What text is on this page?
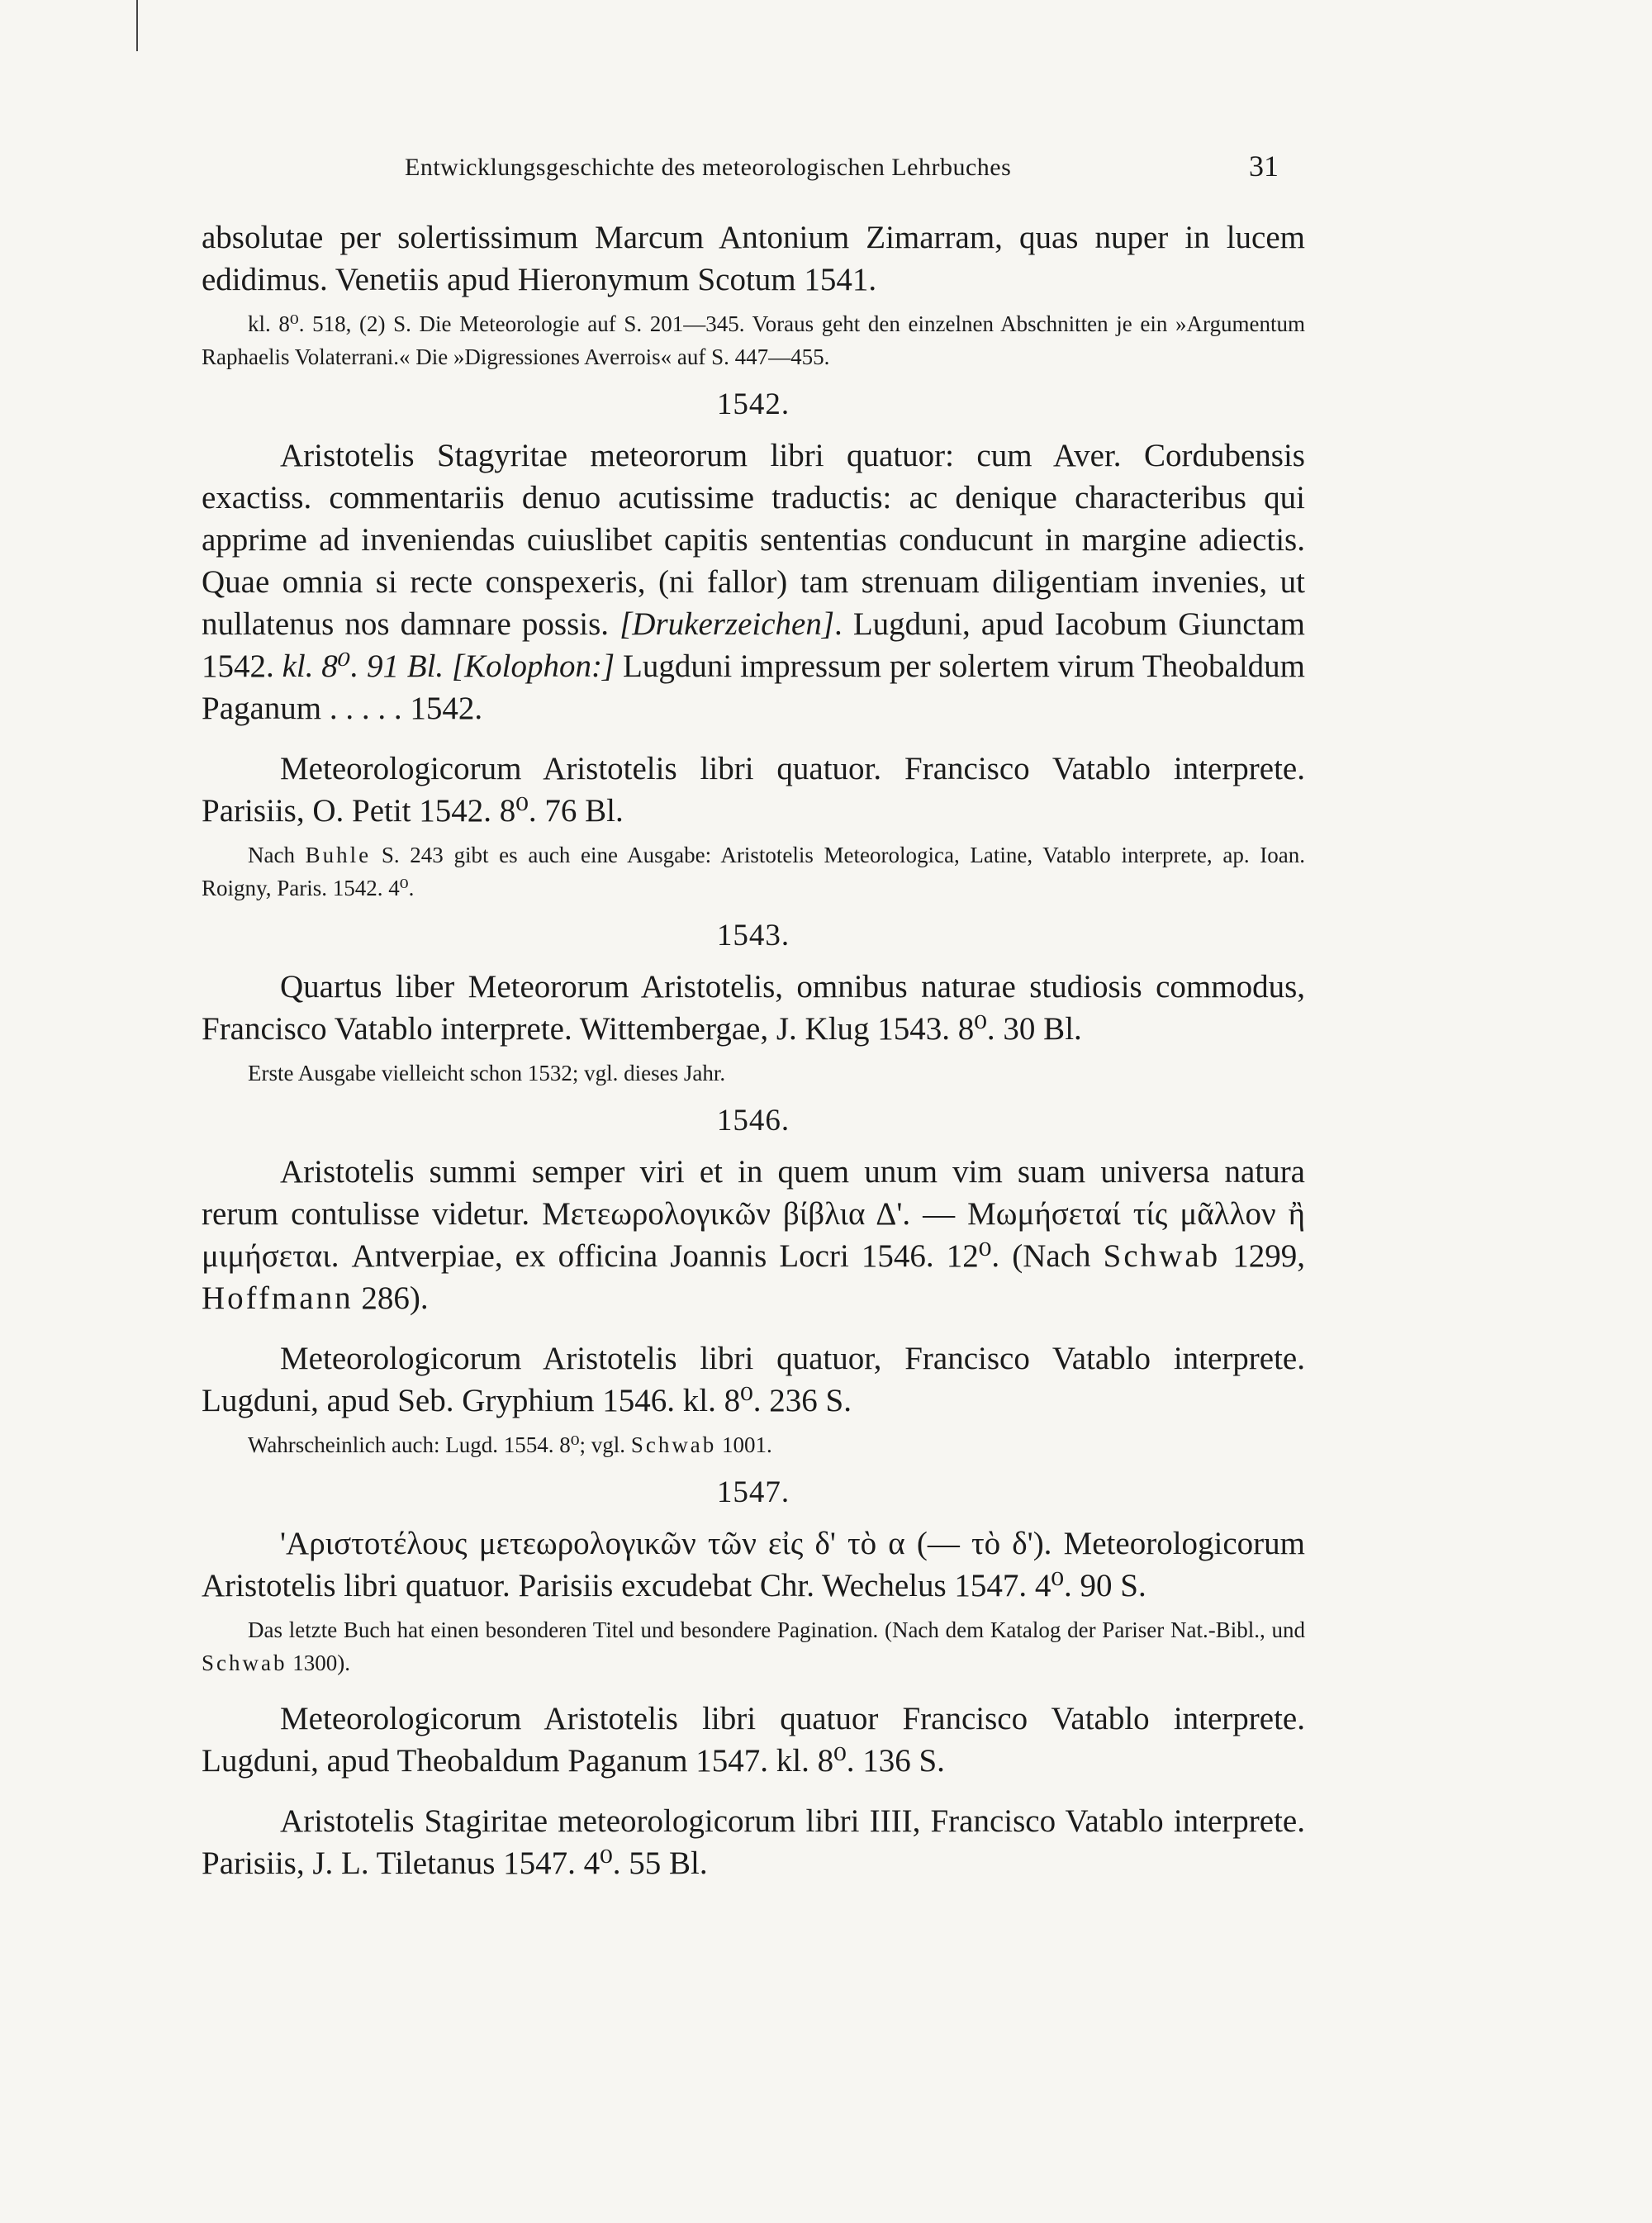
Entwicklungsgeschichte des meteorologischen Lehrbuches	31

absolutae per solertissimum Marcum Antonium Zimarram, quas nuper in lucem edidimus. Venetiis apud Hieronymum Scotum 1541.

kl. 8⁰. 518, (2) S. Die Meteorologie auf S. 201—345. Voraus geht den einzelnen Abschnitten je ein »Argumentum Raphaelis Volaterrani.« Die »Digressiones Averrois« auf S. 447—455.

1542.

Aristotelis Stagyritae meteororum libri quatuor: cum Aver. Cordubensis exactiss. commentariis denuo acutissime traductis: ac denique characteribus qui apprime ad inveniendas cuiuslibet capitis sententias conducunt in margine adiectis. Quae omnia si recte conspexeris, (ni fallor) tam strenuam diligentiam invenies, ut nullatenus nos damnare possis. [Drukerzeichen]. Lugduni, apud Iacobum Giunctam 1542. kl. 8⁰. 91 Bl. [Kolophon:] Lugduni impressum per solertem virum Theobaldum Paganum . . . . . 1542.

Meteorologicorum Aristotelis libri quatuor. Francisco Vatablo interprete. Parisiis, O. Petit 1542. 8⁰. 76 Bl.

Nach Buhle S. 243 gibt es auch eine Ausgabe: Aristotelis Meteorologica, Latine, Vatablo interprete, ap. Ioan. Roigny, Paris. 1542. 4⁰.

1543.

Quartus liber Meteororum Aristotelis, omnibus naturae studiosis commodus, Francisco Vatablo interprete. Wittembergae, J. Klug 1543. 8⁰. 30 Bl.

Erste Ausgabe vielleicht schon 1532; vgl. dieses Jahr.

1546.

Aristotelis summi semper viri et in quem unum vim suam universa natura rerum contulisse videtur. Μετεωρολογικῶν βίβλια Δ'. — Μωμήσεταί τίς μᾶλλον ἢ μιμήσεται. Antverpiae, ex officina Joannis Locri 1546. 12⁰. (Nach Schwab 1299, Hoffmann 286).

Meteorologicorum Aristotelis libri quatuor, Francisco Vatablo interprete. Lugduni, apud Seb. Gryphium 1546. kl. 8⁰. 236 S.

Wahrscheinlich auch: Lugd. 1554. 8⁰; vgl. Schwab 1001.

1547.

'Αριστοτέλους μετεωρολογικῶν τῶν εἰς δ' τὸ α (— τὸ δ'). Meteorologicorum Aristotelis libri quatuor. Parisiis excudebat Chr. Wechelus 1547. 4⁰. 90 S.

Das letzte Buch hat einen besonderen Titel und besondere Pagination. (Nach dem Katalog der Pariser Nat.-Bibl., und Schwab 1300).

Meteorologicorum Aristotelis libri quatuor Francisco Vatablo interprete. Lugduni, apud Theobaldum Paganum 1547. kl. 8⁰. 136 S.

Aristotelis Stagiritae meteorologicorum libri IIII, Francisco Vatablo interprete. Parisiis, J. L. Tiletanus 1547. 4⁰. 55 Bl.
